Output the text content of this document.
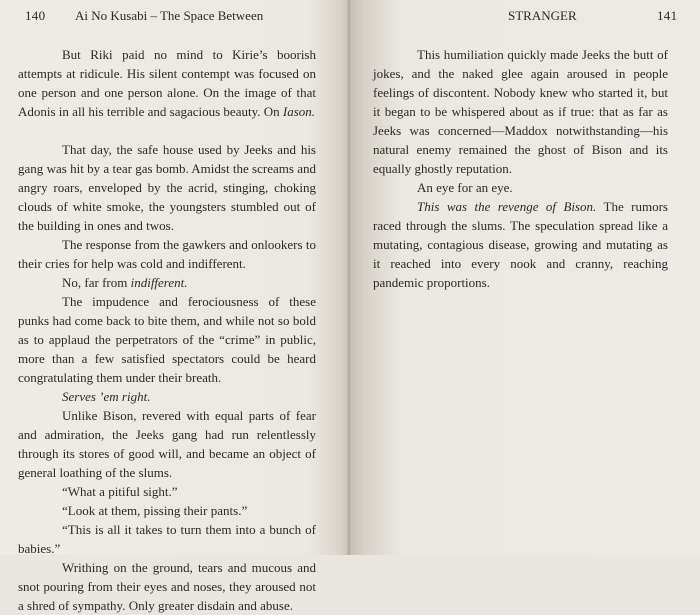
140 Ai No Kusabi – The Space Between

But Riki paid no mind to Kirie’s boorish attempts at ridicule. His silent contempt was focused on one person and one person alone. On the image of that Adonis in all his terrible and sagacious beauty. On Iason.

That day, the safe house used by Jeeks and his gang was hit by a tear gas bomb. Amidst the screams and angry roars, enveloped by the acrid, stinging, choking clouds of white smoke, the youngsters stumbled out of the building in ones and twos.

The response from the gawkers and onlookers to their cries for help was cold and indifferent.

No, far from indifferent.

The impudence and ferociousness of these punks had come back to bite them, and while not so bold as to applaud the perpetrators of the “crime” in public, more than a few satisfied spectators could be heard congratulating them under their breath.

Serves ’em right.

Unlike Bison, revered with equal parts of fear and admiration, the Jeeks gang had run relentlessly through its stores of good will, and became an object of general loathing of the slums.

“What a pitiful sight.”

“Look at them, pissing their pants.”

“This is all it takes to turn them into a bunch of babies.”

Writhing on the ground, tears and mucous and snot pouring from their eyes and noses, they aroused not a shred of sympathy. Only greater disdain and abuse.

STRANGER	141

This humiliation quickly made Jeeks the butt of jokes, and the naked glee again aroused in people feelings of discontent. Nobody knew who started it, but it began to be whispered about as if true: that as far as Jeeks was concerned—Maddox notwithstanding—his natural enemy remained the ghost of Bison and its equally ghostly reputation.

An eye for an eye.

This was the revenge of Bison. The rumors raced through the slums. The speculation spread like a mutating, contagious disease, growing and mutating as it reached into every nook and cranny, reaching pandemic proportions.
